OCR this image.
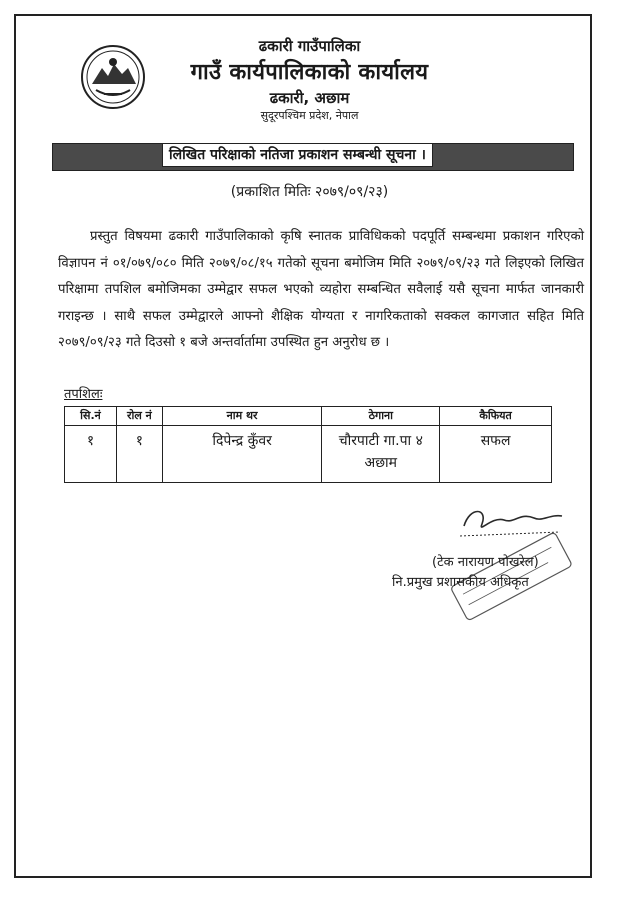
ढकारी गाउँपालिका
गाउँ कार्यपालिकाको कार्यालय
ढकारी, अछाम
सुदूरपश्चिम प्रदेश, नेपाल
लिखित परिक्षाको नतिजा प्रकाशन सम्बन्धी सूचना ।
(प्रकाशित मितिः २०७९/०९/२३)

प्रस्तुत विषयमा ढकारी गाउँपालिकाको कृषि स्नातक प्राविधिकको पदपूर्ति सम्बन्धमा प्रकाशन गरिएको विज्ञापन नं ०१/०७९/०८० मिति २०७९/०८/१५ गतेको सूचना बमोजिम मिति २०७९/०९/२३ गते लिइएको लिखित परिक्षामा तपशिल बमोजिमका उम्मेद्वार सफल भएको व्यहोरा सम्बन्धित सवैलाई यसै सूचना मार्फत जानकारी गराइन्छ । साथै सफल उम्मेद्वारले आफ्नो शैक्षिक योग्यता र नागरिकताको सक्कल कागजात सहित मिति २०७९/०९/२३ गते दिउसो १ बजे अन्तर्वार्तामा उपस्थित हुन अनुरोध छ ।

तपशिलः
सि.नं	रोल नं	नाम थर	ठेगाना	कैफियत
१	१	दिपेन्द्र कुँवर	चौरपाटी गा.पा ४ अछाम	सफल
(टेक नारायण पोखरेल)
नि.प्रमुख प्रशासकीय अधिकृत
